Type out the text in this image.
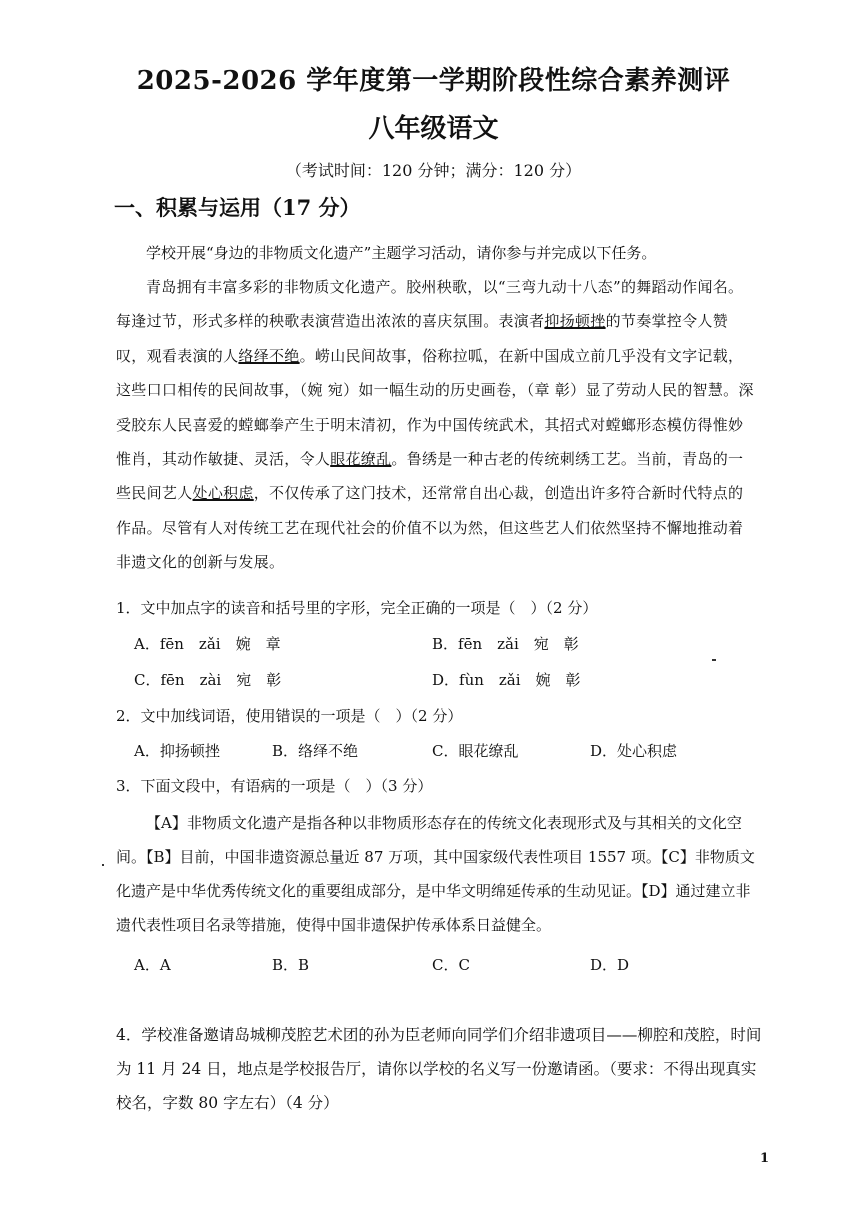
2025-2026 学年度第一学期阶段性综合素养测评
八年级语文
（考试时间：120 分钟；满分：120 分）
一、积累与运用（17 分）
学校开展“身边的非物质文化遗产”主题学习活动，请你参与并完成以下任务。
青岛拥有丰富多彩的非物质文化遗产。胶州秧歌，以“三弯九动十八态”的舞蹈动作闻名。每逢过节，形式多样的秧歌表演营造出浓浓的喜庆氛围。表演者抑扬顿挫的节奏掌控令人赞叹，观看表演的人络绎不绝。崂山民间故事，俗称拉呱，在新中国成立前几乎没有文字记载，这些口口相传的民间故事，（婉 宛）如一幅生动的历史画卷，（章 彰）显了劳动人民的智慧。深受胶东人民喜爱的螳螂拳产生于明末清初，作为中国传统武术，其招式对螳螂形态模仿得惟妙惟肖，其动作敏捷、灵活，令人眼花缭乱。鲁绣是一种古老的传统刺绣工艺。当前，青岛的一些民间艺人处心积虑，不仅传承了这门技术，还常常自出心裁，创造出许多符合新时代特点的作品。尽管有人对传统工艺在现代社会的价值不以为然，但这些艺人们依然坚持不懈地推动着非遗文化的创新与发展。
1．文中加点字的读音和括号里的字形，完全正确的一项是（　）（2 分）
A．fēn　zǎi　婉　章	B．fēn　zǎi　宛　彰
C．fēn　zài　宛　彰	D．fùn　zǎi　婉　彰
2．文中加线词语，使用错误的一项是（　）（2 分）
A．抑扬顿挫	B．络绎不绝	C．眼花缭乱	D．处心积虑
3．下面文段中，有语病的一项是（　）（3 分）
【A】非物质文化遗产是指各种以非物质形态存在的传统文化表现形式及与其相关的文化空间。【B】目前，中国非遗资源总量近 87 万项，其中国家级代表性项目 1557 项。【C】非物质文化遗产是中华优秀传统文化的重要组成部分，是中华文明绵延传承的生动见证。【D】通过建立非遗代表性项目名录等措施，使得中国非遗保护传承体系日益健全。
A．A	B．B	C．C	D．D
4．学校准备邀请岛城柳茂腔艺术团的孙为臣老师向同学们介绍非遗项目——柳腔和茂腔，时间为 11 月 24 日，地点是学校报告厅，请你以学校的名义写一份邀请函。（要求：不得出现真实校名，字数 80 字左右）（4 分）
1
